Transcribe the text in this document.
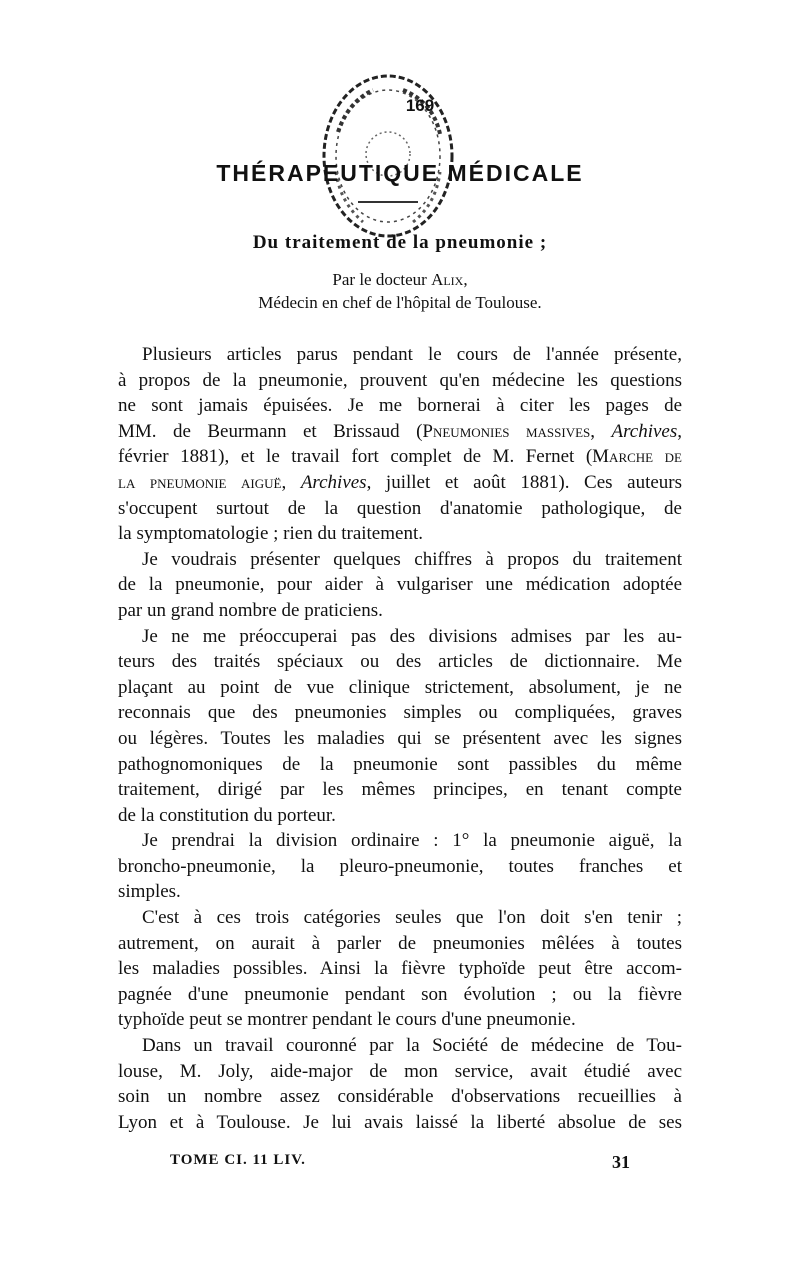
169
THÉRAPEUTIQUE MÉDICALE
Du traitement de la pneumonie ;
Par le docteur Alix,
Médecin en chef de l'hôpital de Toulouse.
Plusieurs articles parus pendant le cours de l'année présente,
à propos de la pneumonie, prouvent qu'en médecine les questions
ne sont jamais épuisées. Je me bornerai à citer les pages de
MM. de Beurmann et Brissaud (Pneumonies massives, Archives,
février 1881), et le travail fort complet de M. Fernet (Marche de
la pneumonie aiguë, Archives, juillet et août 1881). Ces auteurs
s'occupent surtout de la question d'anatomie pathologique, de
la symptomatologie ; rien du traitement.
Je voudrais présenter quelques chiffres à propos du traitement
de la pneumonie, pour aider à vulgariser une médication adoptée
par un grand nombre de praticiens.
Je ne me préoccuperai pas des divisions admises par les au-
teurs des traités spéciaux ou des articles de dictionnaire. Me
plaçant au point de vue clinique strictement, absolument, je ne
reconnais que des pneumonies simples ou compliquées, graves
ou légères. Toutes les maladies qui se présentent avec les signes
pathognomoniques de la pneumonie sont passibles du même
traitement, dirigé par les mêmes principes, en tenant compte
de la constitution du porteur.
Je prendrai la division ordinaire : 1° la pneumonie aiguë, la
broncho-pneumonie, la pleuro-pneumonie, toutes franches et
simples.
C'est à ces trois catégories seules que l'on doit s'en tenir ;
autrement, on aurait à parler de pneumonies mêlées à toutes
les maladies possibles. Ainsi la fièvre typhoïde peut être accom-
pagnée d'une pneumonie pendant son évolution ; ou la fièvre
typhoïde peut se montrer pendant le cours d'une pneumonie.
Dans un travail couronné par la Société de médecine de Tou-
louse, M. Joly, aide-major de mon service, avait étudié avec
soin un nombre assez considérable d'observations recueillies à
Lyon et à Toulouse. Je lui avais laissé la liberté absolue de ses
TOME CI. 11 LIV.	31
